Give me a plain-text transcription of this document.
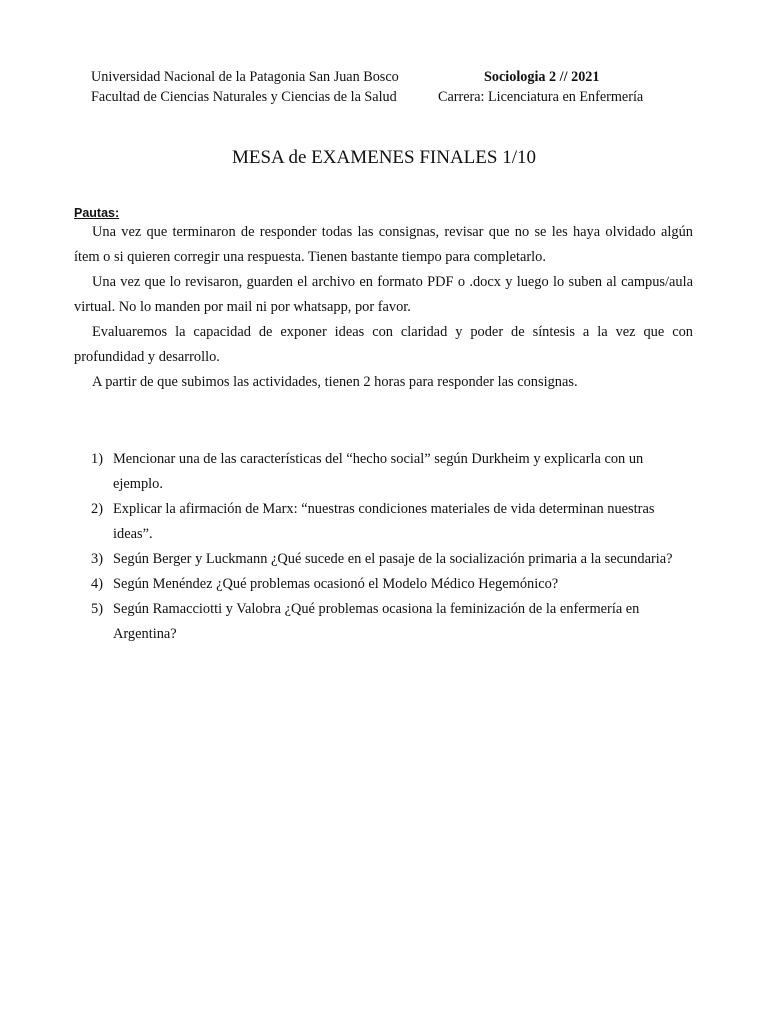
Universidad Nacional de la Patagonia San Juan Bosco	Sociologia 2 // 2021
Facultad de Ciencias Naturales y Ciencias de la Salud	Carrera: Licenciatura en Enfermería
MESA de EXAMENES FINALES 1/10
Pautas:

Una vez que terminaron de responder todas las consignas, revisar que no se les haya olvidado algún ítem o si quieren corregir una respuesta. Tienen bastante tiempo para completarlo.

Una vez que lo revisaron, guarden el archivo en formato PDF o .docx y luego lo suben al campus/aula virtual. No lo manden por mail ni por whatsapp, por favor.

Evaluaremos la capacidad de exponer ideas con claridad y poder de síntesis a la vez que con profundidad y desarrollo.

A partir de que subimos las actividades, tienen 2 horas para responder las consignas.

1) Mencionar una de las características del “hecho social” según Durkheim y explicarla con un ejemplo.
2) Explicar la afirmación de Marx: “nuestras condiciones materiales de vida determinan nuestras ideas”.
3) Según Berger y Luckmann ¿Qué sucede en el pasaje de la socialización primaria a la secundaria?
4) Según Menéndez ¿Qué problemas ocasionó el Modelo Médico Hegemónico?
5) Según Ramacciotti y Valobra ¿Qué problemas ocasiona la feminización de la enfermería en Argentina?
